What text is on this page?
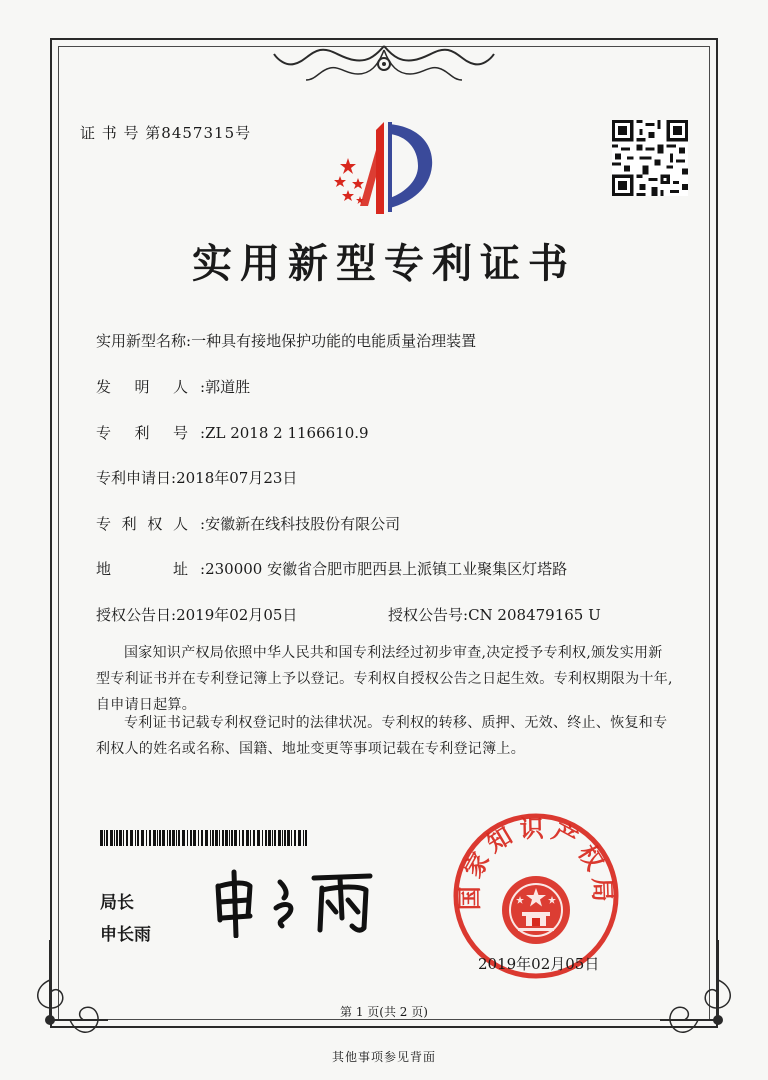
证 书 号 第8457315号
实用新型专利证书
实用新型名称:一种具有接地保护功能的电能质量治理装置
发 明 人 :郭道胜
专 利 号 :ZL 2018 2 1166610.9
专利申请日:2018年07月23日
专 利 权 人 :安徽新在线科技股份有限公司
地	址 :230000 安徽省合肥市肥西县上派镇工业聚集区灯塔路
授权公告日:2019年02月05日	授权公告号:CN 208479165 U
国家知识产权局依照中华人民共和国专利法经过初步审查,决定授予专利权,颁发实用新型专利证书并在专利登记簿上予以登记。专利权自授权公告之日起生效。专利权期限为十年,自申请日起算。
专利证书记载专利权登记时的法律状况。专利权的转移、质押、无效、终止、恢复和专利权人的姓名或名称、国籍、地址变更等事项记载在专利登记簿上。
局长
申长雨
国家知识产权局
2019年02月05日
第 1 页(共 2 页)
其他事项参见背面
